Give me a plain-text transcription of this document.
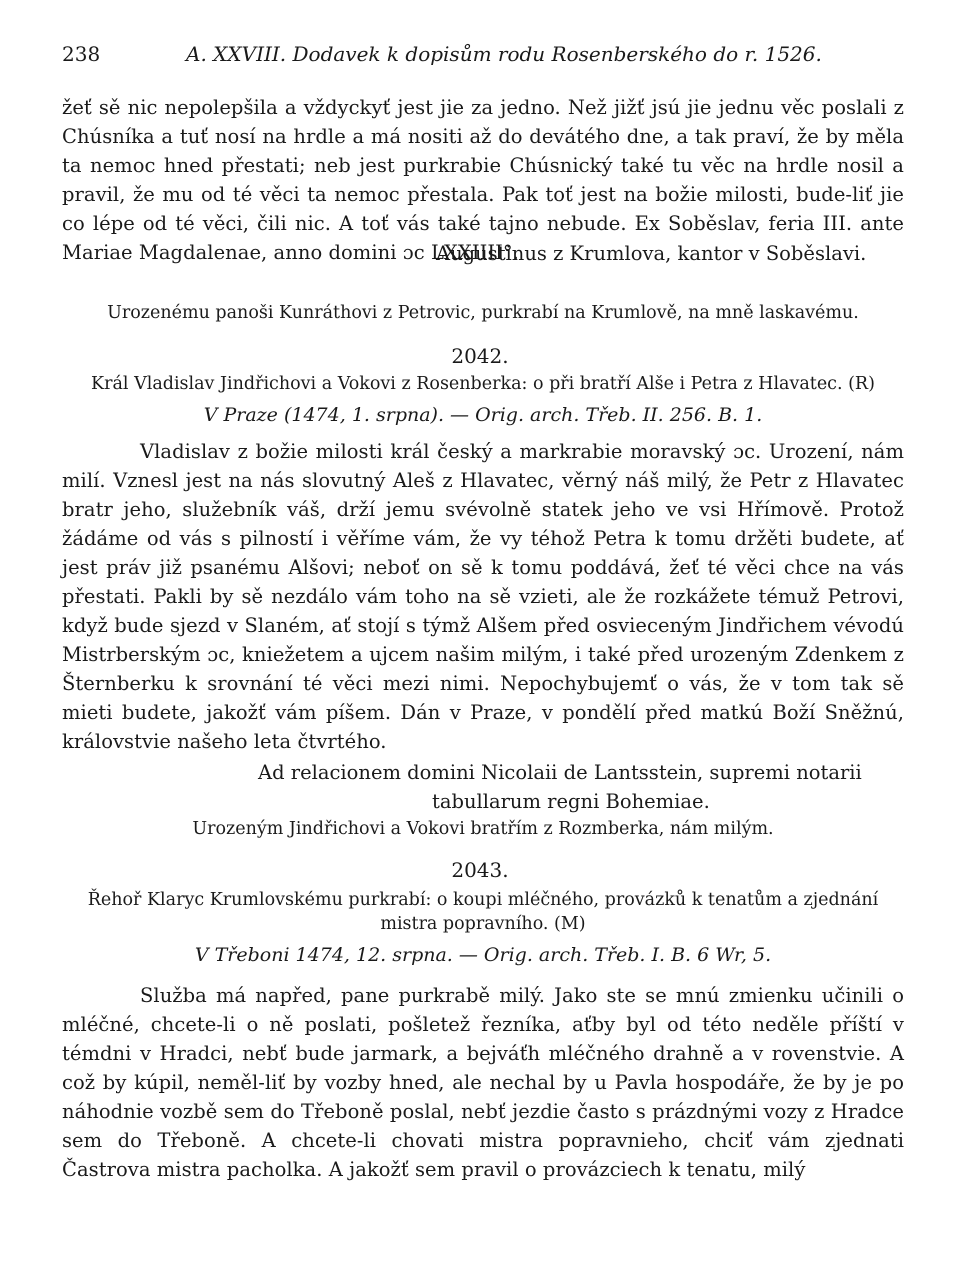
238	A. XXVIII. Dodavek k dopisům rodu Rosenberského do r. 1526.

žeť sě nic nepolepšila a vždyckyť jest jie za jedno. Než jižť jsú jie jednu věc poslali z Chúsníka a tuť nosí na hrdle a má nositi až do devátého dne, a tak praví, že by měla ta nemoc hned přestati; neb jest purkrabie Chúsnický také tu věc na hrdle nosil a pravil, že mu od té věci ta nemoc přestala. Pak toť jest na božie milosti, bude-liť jie co lépe od té věci, čili nic. A toť vás také tajno nebude. Ex Soběslav, feria III. ante Mariae Magdalenae, anno domini ɔc LXXIIII°.

Augustinus z Krumlova, kantor v Soběslavi.
Urozenému panoši Kunráthovi z Petrovic, purkrabí na Krumlově, na mně laskavému.
2042.
Král Vladislav Jindřichovi a Vokovi z Rosenberka: o při bratří Alše i Petra z Hlavatec. (R)
V Praze (1474, 1. srpna). — Orig. arch. Třeb. II. 256. B. 1.

Vladislav z božie milosti král český a markrabie moravský ɔc. Urození, nám milí. Vznesl jest na nás slovutný Aleš z Hlavatec, věrný náš milý, že Petr z Hlavatec bratr jeho, služebník váš, drží jemu svévolně statek jeho ve vsi Hřímově. Protož žádáme od vás s pilností i věříme vám, že vy téhož Petra k tomu držěti budete, ať jest práv již psanému Alšovi; neboť on sě k tomu poddává, žeť té věci chce na vás přestati. Pakli by sě nezdálo vám toho na sě vzieti, ale že rozkážete témuž Petrovi, když bude sjezd v Slaném, ať stojí s týmž Alšem před osvieceným Jindřichem vévodú Mistrberským ɔc, kniežetem a ujcem našim milým, i také před urozeným Zdenkem z Šternberku k srovnání té věci mezi nimi. Nepochybujemť o vás, že v tom tak sě mieti budete, jakožť vám píšem. Dán v Praze, v pondělí před matkú Boží Sněžnú, královstvie našeho leta čtvrtého.

Ad relacionem domini Nicolaii de Lantsstein, supremi notarii
tabullarum regni Bohemiae.
Urozeným Jindřichovi a Vokovi bratřím z Rozmberka, nám milým.
2043.
Řehoř Klaryc Krumlovskému purkrabí: o koupi mléčného, provázků k tenatům a zjednání mistra popravního. (M)
V Třeboni 1474, 12. srpna. — Orig. arch. Třeb. I. B. 6 Wr, 5.

Služba má napřed, pane purkrabě milý. Jako ste se mnú zmienku učinili o mléčné, chcete-li o ně poslati, pošletež řezníka, aťby byl od této neděle příští v témdni v Hradci, nebť bude jarmark, a bejváťh mléčného drahně a v rovenstvie. A což by kúpil, neměl-liť by vozby hned, ale nechal by u Pavla hospodáře, že by je po náhodnie vozbě sem do Třeboně poslal, nebť jezdie často s prázdnými vozy z Hradce sem do Třeboně. A chcete-li chovati mistra popravnieho, chciť vám zjednati Častrova mistra pacholka. A jakožť sem pravil o provázciech k tenatu, milý
